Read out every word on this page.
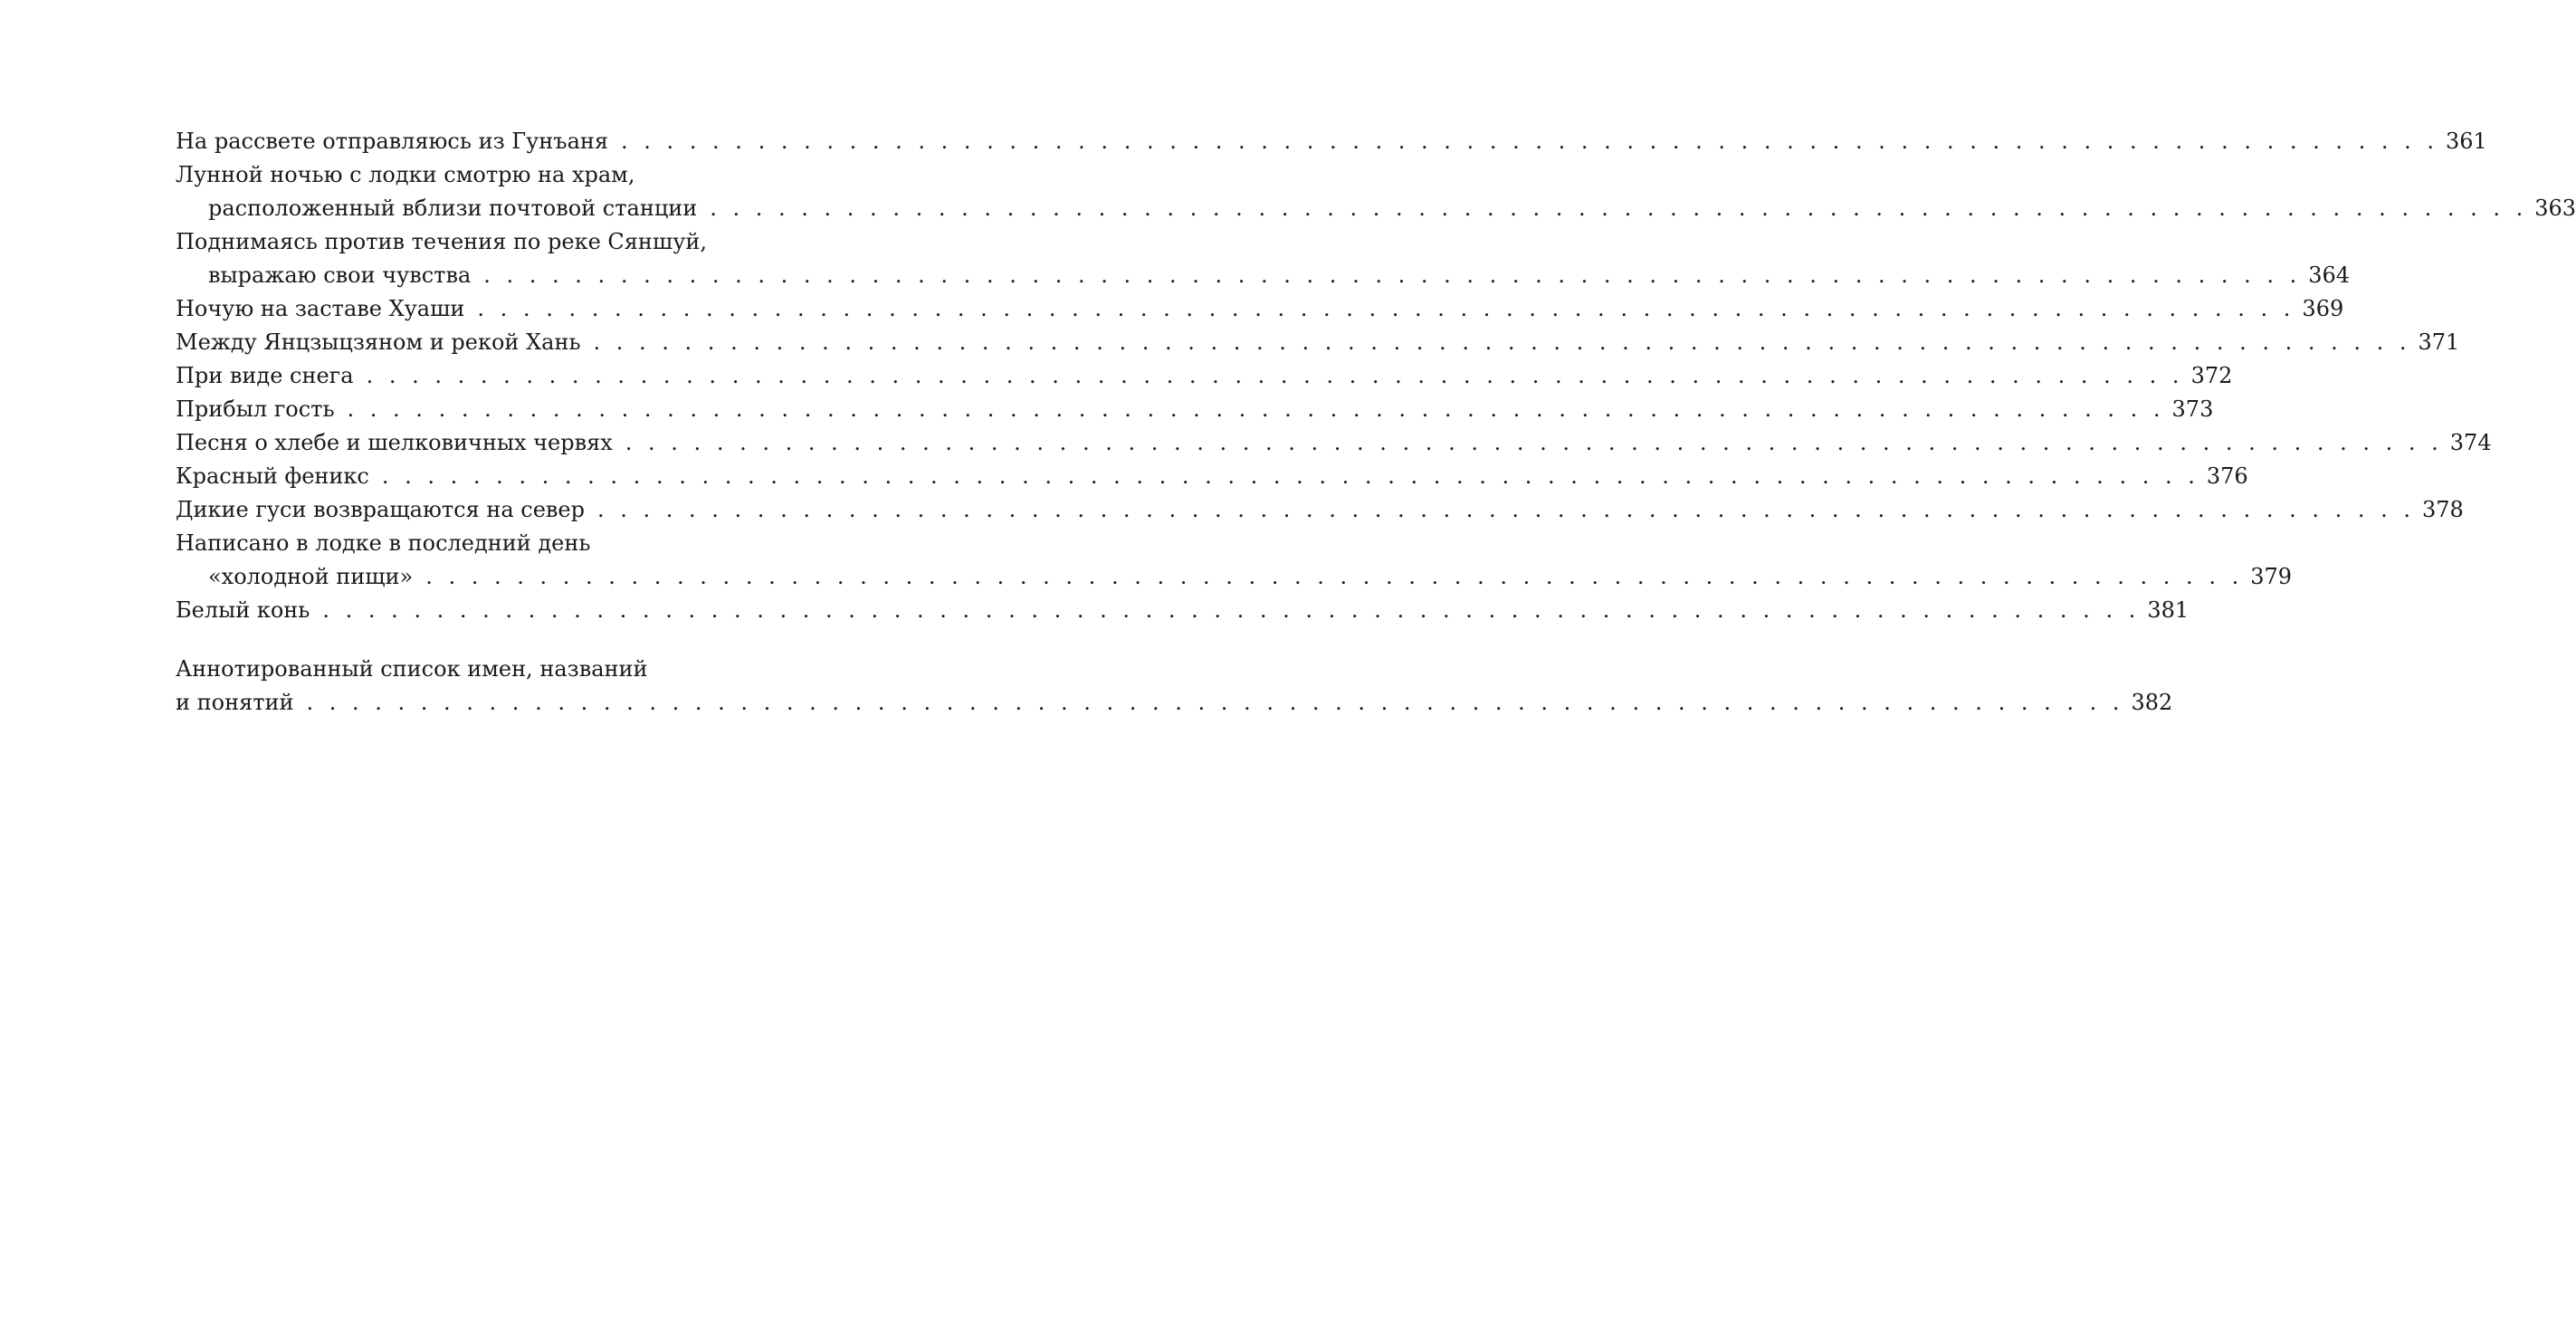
На рассвете отправляюсь из Гунъаня . . . . . . . . . . . . . . . . . . . . . . . . . . . . . . . . . . . . . . . . . . . . . . . . . . . . . . . . . . . . . . . . . . . . . . . . . . . . . . . . 361
Лунной ночью с лодки смотрю на храм,
расположенный вблизи почтовой станции . . . . . . . . . . . . . . . . . . . . . . . . . . . . . . . . . . . . . . . . . . . . . . . . . . . . . . . . . . . . . . . . . . . . . . . . . . . . . . . . 363
Поднимаясь против течения по реке Сяншуй,
выражаю свои чувства . . . . . . . . . . . . . . . . . . . . . . . . . . . . . . . . . . . . . . . . . . . . . . . . . . . . . . . . . . . . . . . . . . . . . . . . . . . . . . . . 364
Ночую на заставе Хуаши . . . . . . . . . . . . . . . . . . . . . . . . . . . . . . . . . . . . . . . . . . . . . . . . . . . . . . . . . . . . . . . . . . . . . . . . . . . . . . . . 369
Между Янцзыцзяном и рекой Хань . . . . . . . . . . . . . . . . . . . . . . . . . . . . . . . . . . . . . . . . . . . . . . . . . . . . . . . . . . . . . . . . . . . . . . . . . . . . . . . . 371
При виде снега . . . . . . . . . . . . . . . . . . . . . . . . . . . . . . . . . . . . . . . . . . . . . . . . . . . . . . . . . . . . . . . . . . . . . . . . . . . . . . . . 372
Прибыл гость . . . . . . . . . . . . . . . . . . . . . . . . . . . . . . . . . . . . . . . . . . . . . . . . . . . . . . . . . . . . . . . . . . . . . . . . . . . . . . . . 373
Песня о хлебе и шелковичных червях . . . . . . . . . . . . . . . . . . . . . . . . . . . . . . . . . . . . . . . . . . . . . . . . . . . . . . . . . . . . . . . . . . . . . . . . . . . . . . . . 374
Красный феникс . . . . . . . . . . . . . . . . . . . . . . . . . . . . . . . . . . . . . . . . . . . . . . . . . . . . . . . . . . . . . . . . . . . . . . . . . . . . . . . . 376
Дикие гуси возвращаются на север . . . . . . . . . . . . . . . . . . . . . . . . . . . . . . . . . . . . . . . . . . . . . . . . . . . . . . . . . . . . . . . . . . . . . . . . . . . . . . . . 378
Написано в лодке в последний день
«холодной пищи» . . . . . . . . . . . . . . . . . . . . . . . . . . . . . . . . . . . . . . . . . . . . . . . . . . . . . . . . . . . . . . . . . . . . . . . . . . . . . . . . 379
Белый конь . . . . . . . . . . . . . . . . . . . . . . . . . . . . . . . . . . . . . . . . . . . . . . . . . . . . . . . . . . . . . . . . . . . . . . . . . . . . . . . . 381
Аннотированный список имен, названий
и понятий . . . . . . . . . . . . . . . . . . . . . . . . . . . . . . . . . . . . . . . . . . . . . . . . . . . . . . . . . . . . . . . . . . . . . . . . . . . . . . . . 382
